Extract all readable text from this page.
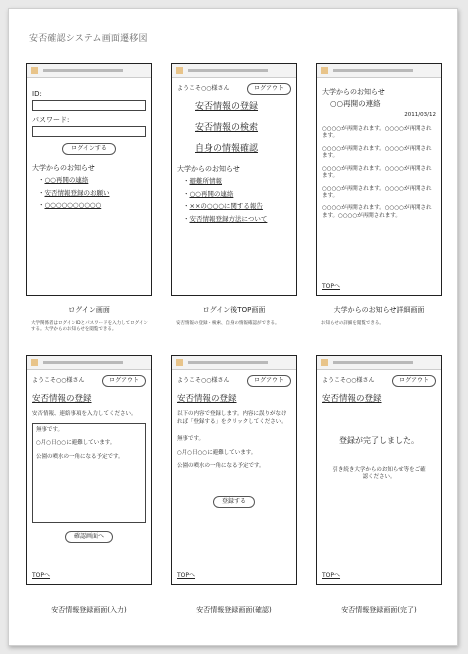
安否確認システム画面遷移図
ID:
パスワード:
ログインする
大学からのお知らせ
・○○再開の連絡
・安否情報登録のお願い
・○○○○○○○○○○
ログイン画面
大学関係者はログインIDとパスワードを入力してログインする。大学からのお知らせを閲覧できる。
ようこそ○○様さん	ログアウト
安否情報の登録
安否情報の検索
自身の情報確認
大学からのお知らせ
・避難所情報
・○○再開の連絡
・××の○○○に関する報告
・安否情報登録方法について
ログイン後TOP画面
安否情報の登録・検索、自身の情報確認ができる。
大学からのお知らせ
○○再開の連絡
2011/03/12
○○○○が再開されます。○○○○が再開されます。
○○○○が再開されます。○○○○が再開されます。
○○○○が再開されます。○○○○が再開されます。
○○○○が再開されます。○○○○が再開されます。
○○○○が再開されます。○○○○が再開されます。○○○○が再開されます。
TOPへ
大学からのお知らせ詳細画面
お知らせの詳細を閲覧できる。
ようこそ○○様さん	ログアウト
安否情報の登録
安否情報、連絡事項を入力してください。
無事です。
○月○日○○に避難しています。
公園の噴水の一角になる予定です。
確認画面へ
TOPへ
安否情報登録画面(入力)
ようこそ○○様さん	ログアウト
安否情報の登録
以下の内容で登録します。内容に誤りがなければ「登録する」をクリックしてください。
無事です。
○月○日○○に避難しています。
公園の噴水の一角になる予定です。
登録する
TOPへ
安否情報登録画面(確認)
ようこそ○○様さん	ログアウト
安否情報の登録
登録が完了しました。
引き続き大学からのお知らせ等をご確認ください。
TOPへ
安否情報登録画面(完了)
